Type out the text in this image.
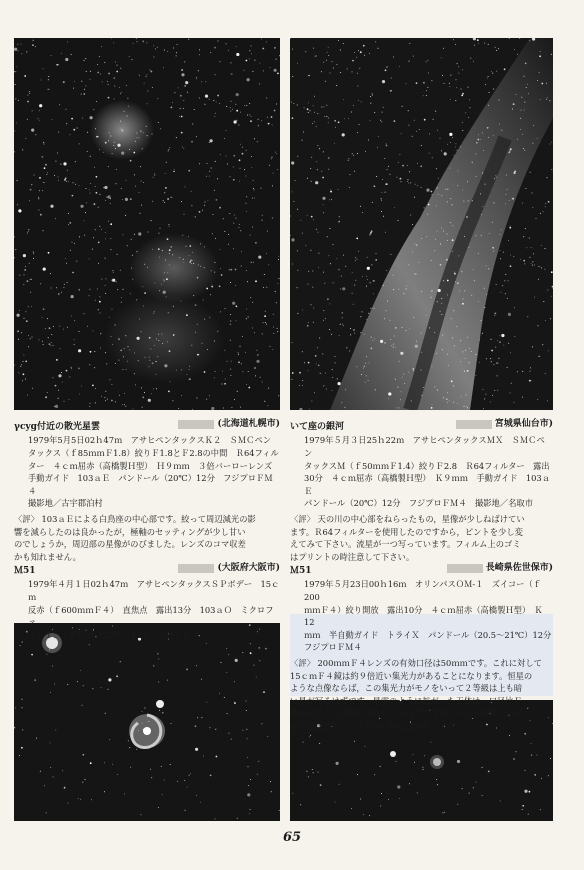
γcyg付近の散光星雲	(北海道札幌市)

1979年5月5日02ｈ47ｍ　アサヒペンタックスＫ２　ＳＭＣペン

タックス（ｆ85ｍｍＦ1.8）絞りＦ1.8とＦ2.8の中間　Ｒ64フィル

ター　４ｃｍ屈赤（高橋製Ｈ型）　Ｈ９ｍｍ　３倍バーローレンズ

手動ガイド　103ａＥ　パンドール（20℃）12分　フジプロＦＭ４

撮影地／古宇郡泊村

〈評〉 103ａＥによる白鳥座の中心部です。絞って周辺減光の影

響を減らしたのは良かったが，極軸のセッティングが少し甘い

のでしょうか，周辺部の星像がのびました。レンズのコマ収差

かも知れません。

いて座の銀河	宮城県仙台市)

1979年５月３日25ｈ22ｍ　アサヒペンタックスＭＸ　ＳＭＣペン

タックスＭ（ｆ50ｍｍＦ1.4）絞りＦ2.8　Ｒ64フィルター　露出

30分　４ｃｍ屈赤（高橋製Ｈ型）　Ｋ９ｍｍ　手動ガイド　103ａＥ

パンドール（20℃）12分　フジプロＦＭ４　撮影地／名取市

〈評〉 天の川の中心部をねらったもの，星像が少しねばけてい

ます。Ｒ64フィルターを使用したのですから，ピントを少し変

えてみて下さい。流星が一つ写っています。フィルム上のゴミ

はプリントの時注意して下さい。

Ｍ51	(大阪府大阪市)

1979年４月１日02ｈ47ｍ　アサヒペンタックスＳＰボデー　15ｃｍ

反赤（ｆ600ｍｍＦ４）　直焦点　露出13分　103ａＯ　ミクロファ

イン１：１希釈液（20℃）12分　月光ＶＲ４

Ｍ51	長崎県佐世保市)

1979年５月23日00ｈ16ｍ　オリンパスＯＭ-１　ズイコー（ｆ200

ｍｍＦ４）絞り開放　露出10分　４ｃｍ屈赤（高橋製Ｈ型）　Ｋ12

ｍｍ　半自動ガイド　トライＸ　パンドール（20.5～21℃）12分

フジプロＦＭ４

〈評〉 200ｍｍＦ４レンズの有効口径は50ｍｍです。これに対して

15ｃｍＦ４鏡は約９倍近い集光力があることになります。恒星の

ような点像ならば，この集光力がモノをいって２等級は上も暗

い星が写るはずです。星雲のように拡がった天体は，口径比Ｆ

数が同じならば同じ黒みになるはずですが，やはり原板上の尺

度が問題となって大きい口径にはかないません。

65
